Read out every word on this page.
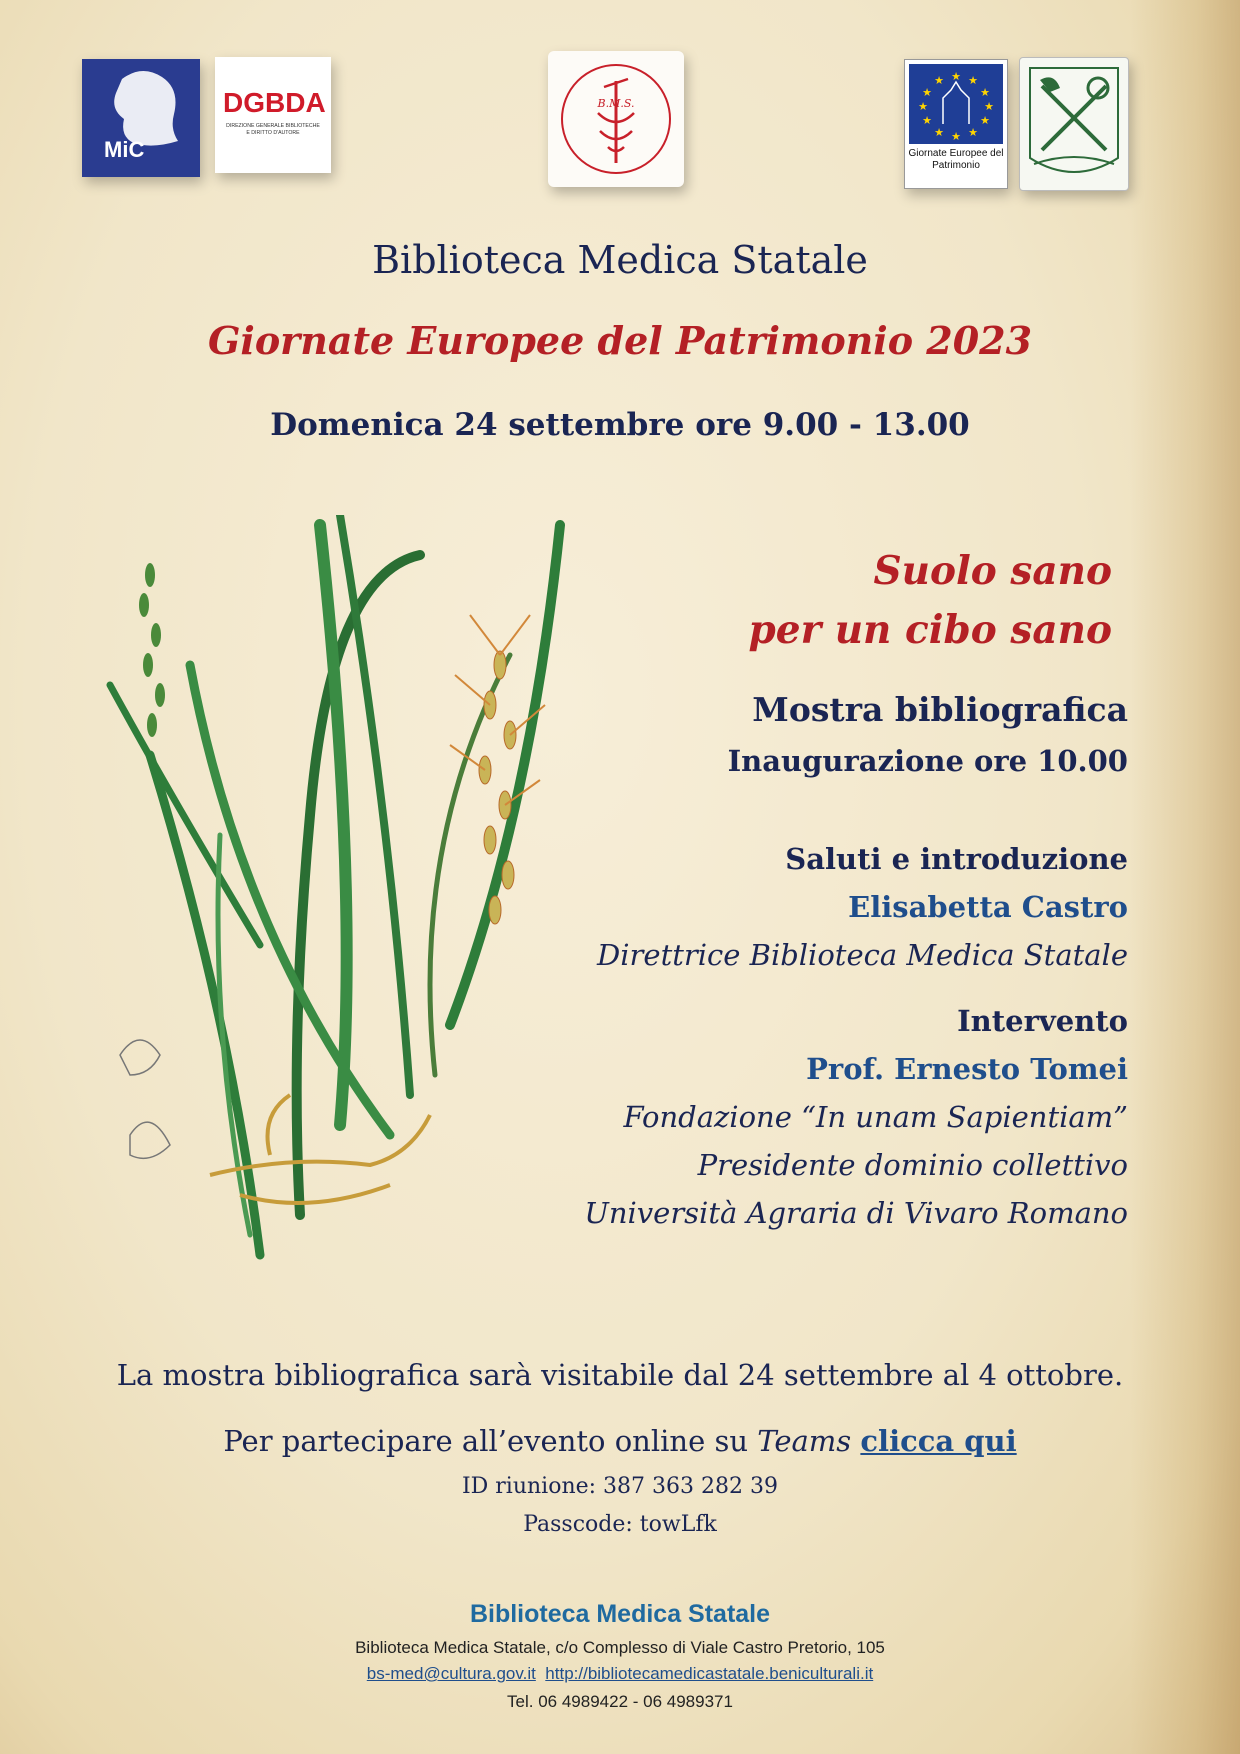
MiC
DGBDA
DIREZIONE GENERALE BIBLIOTECHE E DIRITTO D'AUTORE
B.M.S.
★ ★
★
★
★
★
★
★
★
★
★
★
Giornate Europee del Patrimonio
Biblioteca Medica Statale
Giornate Europee del Patrimonio 2023
Domenica 24 settembre ore 9.00 - 13.00
Suolo sano
per un cibo sano
Mostra bibliografica
Inaugurazione ore 10.00
Saluti e introduzione
Elisabetta Castro
Direttrice Biblioteca Medica Statale
Intervento
Prof. Ernesto Tomei
Fondazione “In unam Sapientiam”
Presidente dominio collettivo
Università Agraria di Vivaro Romano
La mostra bibliografica sarà visitabile dal 24 settembre al 4 ottobre.
Per partecipare all’evento online su Teams clicca qui
ID riunione: 387 363 282 39
Passcode: towLfk
Biblioteca Medica Statale
Biblioteca Medica Statale, c/o Complesso di Viale Castro Pretorio, 105
bs-med@cultura.gov.it http://bibliotecamedicastatale.beniculturali.it
Tel. 06 4989422 - 06 4989371
